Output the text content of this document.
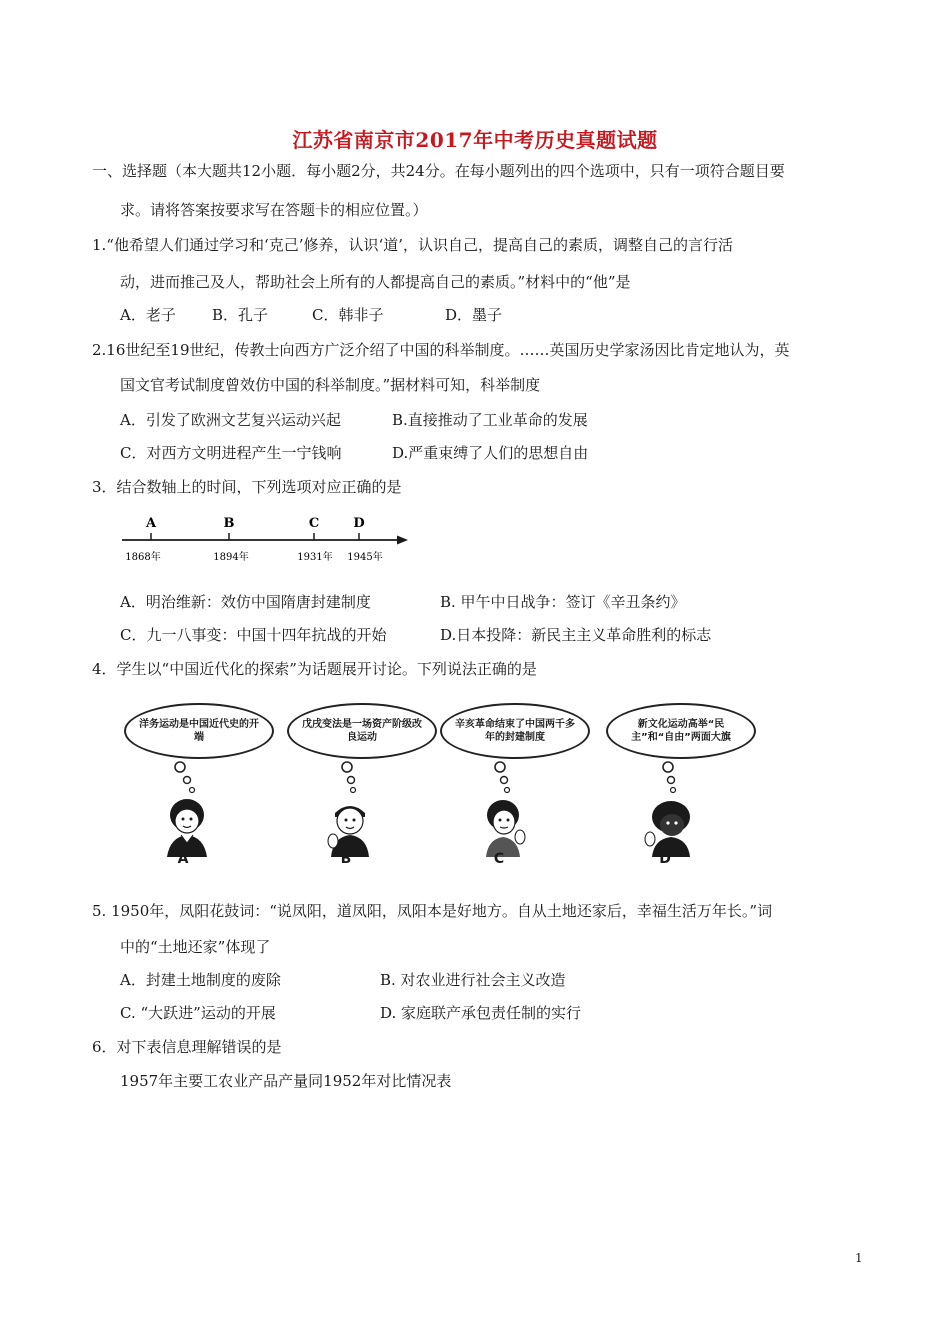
江苏省南京市2017年中考历史真题试题
一、选择题（本大题共12小题．每小题2分，共24分。在每小题列出的四个选项中，只有一项符合题目要
求。请将答案按要求写在答题卡的相应位置。）
1.“他希望人们通过学习和‘克己’修养，认识‘道’，认识自己，提高自己的素质，调整自己的言行活
动，进而推己及人，帮助社会上所有的人都提高自己的素质。”材料中的“他”是
A．老子 B．孔子	C．韩非子	D．墨子
2.16世纪至19世纪，传教士向西方广泛介绍了中国的科举制度。……英国历史学家汤因比肯定地认为，英
国文官考试制度曾效仿中国的科举制度。”据材料可知，科举制度
A．引发了欧洲文艺复兴运动兴起	B.直接推动了工业革命的发展
C．对西方文明进程产生一宁钱响	D.严重束缚了人们的思想自由
3．结合数轴上的时间，下列选项对应正确的是
A	B	C	D
1868年	1894年	1931年 1945年
A．明治维新：效仿中国隋唐封建制度	B. 甲午中日战争：签订《辛丑条约》
C．九一八事变：中国十四年抗战的开始	D.日本投降：新民主主义革命胜利的标志
4．学生以“中国近代化的探索”为话题展开讨论。下列说法正确的是
洋务运动是中国近代史的开端
A
戊戌变法是一场资产阶级改良运动
B
辛亥革命结束了中国两千多年的封建制度
C
新文化运动高举“民主”和“自由”两面大旗
D
5. 1950年，凤阳花鼓词：“说凤阳，道凤阳，凤阳本是好地方。自从土地还家后，幸福生活万年长。”词
中的“土地还家”体现了
A．封建土地制度的废除	B. 对农业进行社会主义改造
C. “大跃进”运动的开展	D. 家庭联产承包责任制的实行
6．对下表信息理解错误的是
1957年主要工农业产品产量同1952年对比情况表
1
